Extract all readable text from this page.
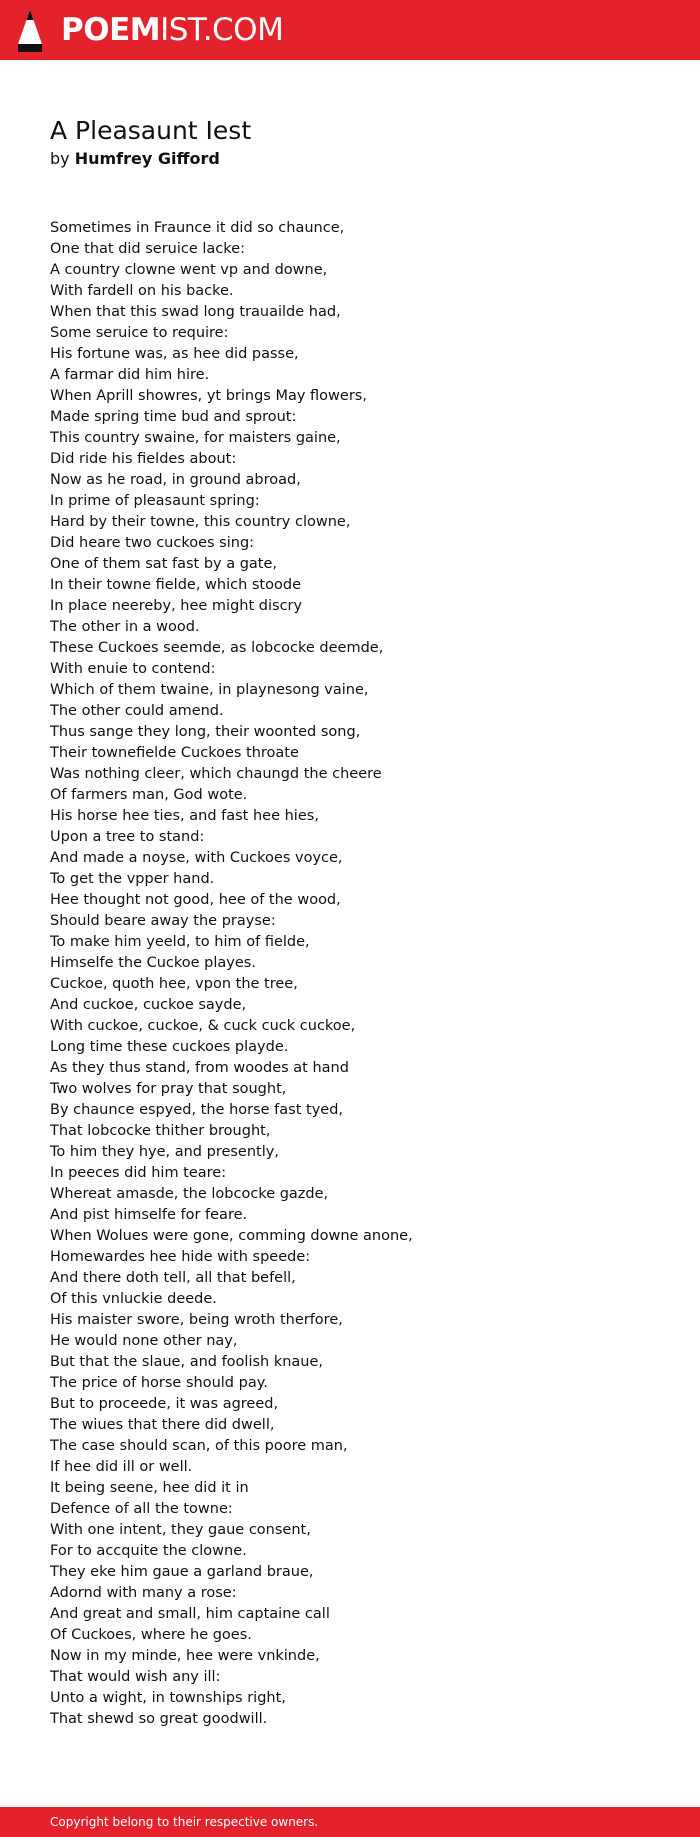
POEMIST.COM
A Pleasaunt Iest
by Humfrey Gifford
Sometimes in Fraunce it did so chaunce,
One that did seruice lacke:
A country clowne went vp and downe,
With fardell on his backe.
When that this swad long trauailde had,
Some seruice to require:
His fortune was, as hee did passe,
A farmar did him hire.
When Aprill showres, yt brings May flowers,
Made spring time bud and sprout:
This country swaine, for maisters gaine,
Did ride his fieldes about:
Now as he road, in ground abroad,
In prime of pleasaunt spring:
Hard by their towne, this country clowne,
Did heare two cuckoes sing:
One of them sat fast by a gate,
In their towne fielde, which stoode
In place neereby, hee might discry
The other in a wood.
These Cuckoes seemde, as lobcocke deemde,
With enuie to contend:
Which of them twaine, in playnesong vaine,
The other could amend.
Thus sange they long, their woonted song,
Their townefielde Cuckoes throate
Was nothing cleer, which chaungd the cheere
Of farmers man, God wote.
His horse hee ties, and fast hee hies,
Upon a tree to stand:
And made a noyse, with Cuckoes voyce,
To get the vpper hand.
Hee thought not good, hee of the wood,
Should beare away the prayse:
To make him yeeld, to him of fielde,
Himselfe the Cuckoe playes.
Cuckoe, quoth hee, vpon the tree,
And cuckoe, cuckoe sayde,
With cuckoe, cuckoe, & cuck cuck cuckoe,
Long time these cuckoes playde.
As they thus stand, from woodes at hand
Two wolves for pray that sought,
By chaunce espyed, the horse fast tyed,
That lobcocke thither brought,
To him they hye, and presently,
In peeces did him teare:
Whereat amasde, the lobcocke gazde,
And pist himselfe for feare.
When Wolues were gone, comming downe anone,
Homewardes hee hide with speede:
And there doth tell, all that befell,
Of this vnluckie deede.
His maister swore, being wroth therfore,
He would none other nay,
But that the slaue, and foolish knaue,
The price of horse should pay.
But to proceede, it was agreed,
The wiues that there did dwell,
The case should scan, of this poore man,
If hee did ill or well.
It being seene, hee did it in
Defence of all the towne:
With one intent, they gaue consent,
For to accquite the clowne.
They eke him gaue a garland braue,
Adornd with many a rose:
And great and small, him captaine call
Of Cuckoes, where he goes.
Now in my minde, hee were vnkinde,
That would wish any ill:
Unto a wight, in townships right,
That shewd so great goodwill.
Copyright belong to their respective owners.
